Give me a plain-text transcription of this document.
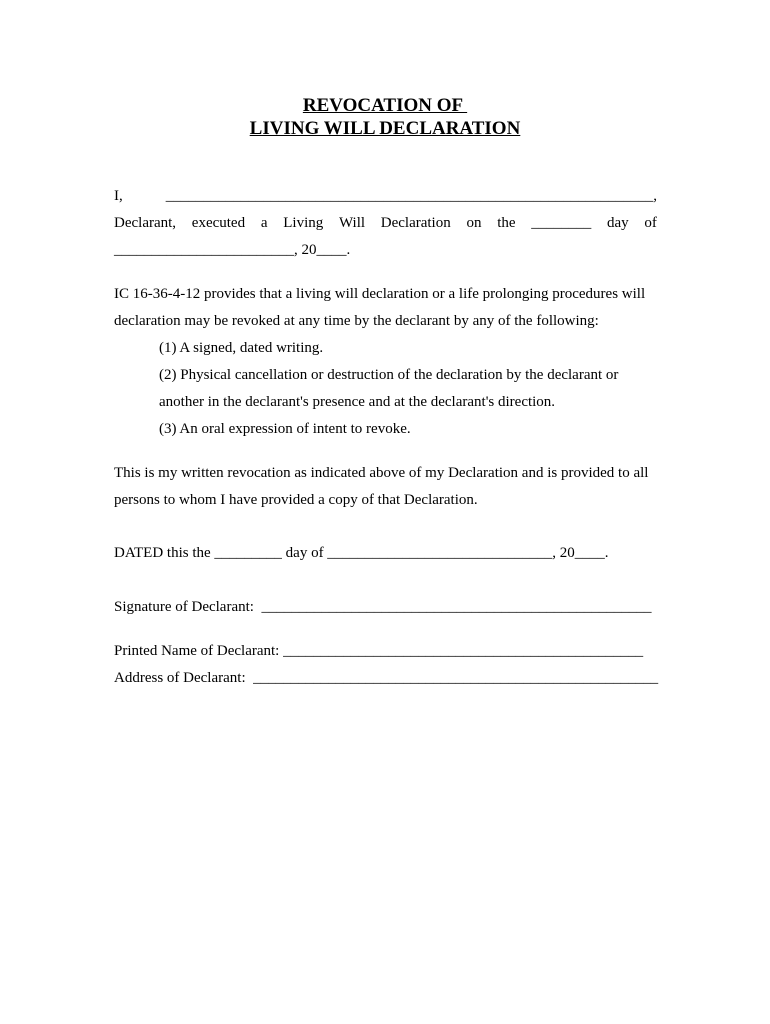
REVOCATION OF
LIVING WILL DECLARATION
I,	_________________________________________________________________,
Declarant, executed a Living Will Declaration on the ________ day of
________________________, 20____.
IC 16-36-4-12 provides that a living will declaration or a life prolonging procedures will
declaration may be revoked at any time by the declarant by any of the following:
(1) A signed, dated writing.
(2) Physical cancellation or destruction of the declaration by the declarant or
another in the declarant's presence and at the declarant's direction.
(3) An oral expression of intent to revoke.
This is my written revocation as indicated above of my Declaration and is provided to all
persons to whom I have provided a copy of that Declaration.
DATED this the _________ day of ______________________________, 20____.
Signature of Declarant:  ____________________________________________________
Printed Name of Declarant: ________________________________________________
Address of Declarant:  ______________________________________________________
